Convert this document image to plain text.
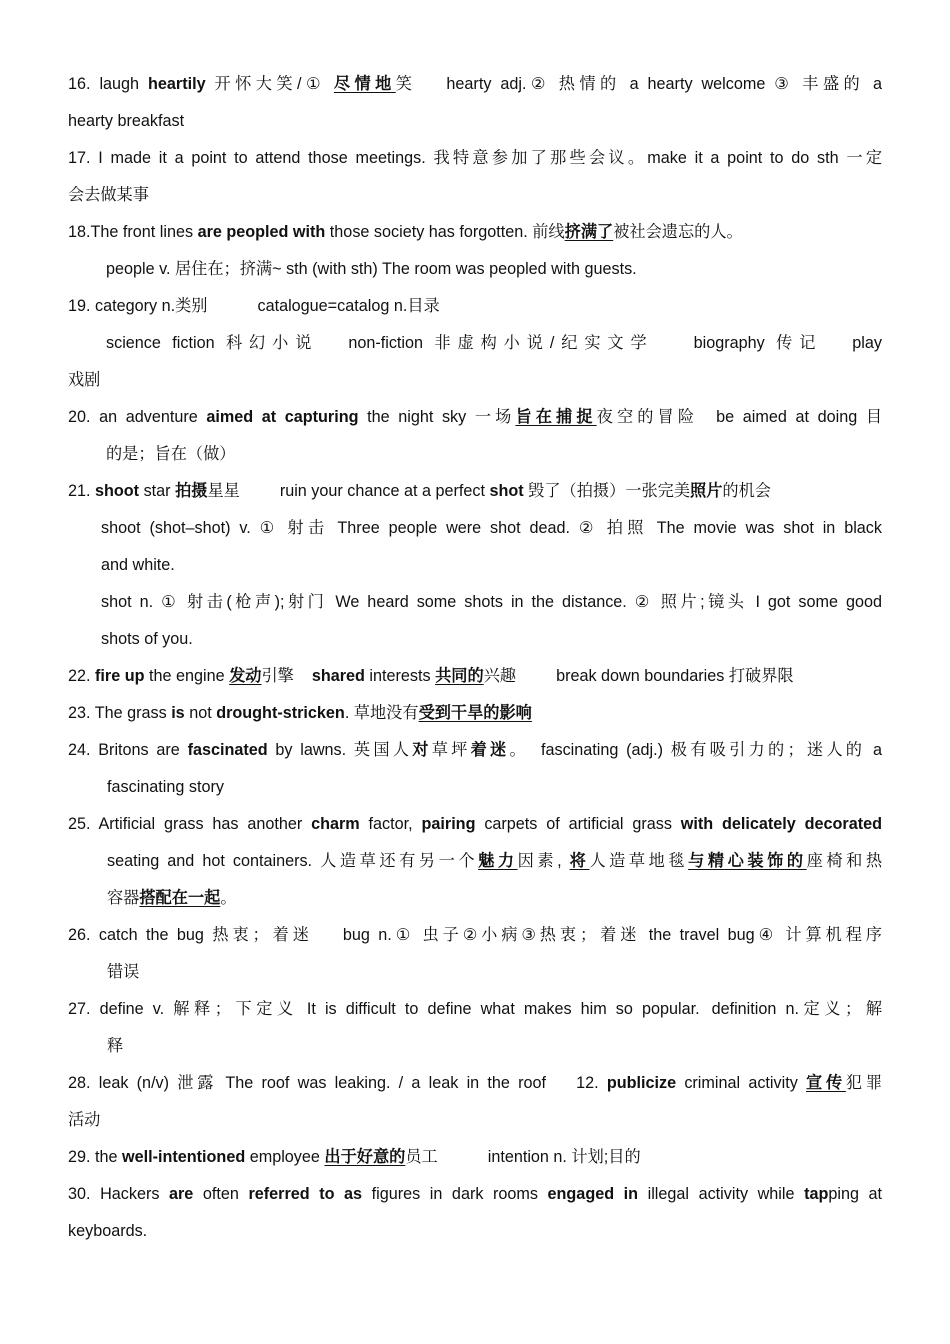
16. laugh heartily 开怀大笑/① 尽情地笑 hearty adj.② 热情的 a hearty welcome ③ 丰盛的 a
hearty breakfast
17. I made it a point to attend those meetings. 我特意参加了那些会议。make it a point to do sth 一定
会去做某事
18.The front lines are peopled with those society has forgotten. 前线挤满了被社会遗忘的人。
people v. 居住在；挤满~ sth (with sth) The room was peopled with guests.
19. category n.类别	catalogue=catalog n.目录
science fiction 科幻小说 non-fiction 非虚构小说/纪实文学 biography 传记 play
戏剧
20. an adventure aimed at capturing the night sky 一场旨在捕捉夜空的冒险 be aimed at doing 目
的是；旨在（做）
21. shoot star 拍摄星星 ruin your chance at a perfect shot 毁了（拍摄）一张完美照片的机会
shoot (shot–shot) v. ① 射击 Three people were shot dead. ② 拍照 The movie was shot in black
and white.
shot n. ① 射击(枪声);射门 We heard some shots in the distance. ② 照片;镜头 I got some good
shots of you.
22. fire up the engine 发动引擎 shared interests 共同的兴趣 break down boundaries 打破界限
23. The grass is not drought-stricken. 草地没有受到干旱的影响
24. Britons are fascinated by lawns. 英国人对草坪着迷。 fascinating (adj.) 极有吸引力的；迷人的 a
fascinating story
25. Artificial grass has another charm factor, pairing carpets of artificial grass with delicately decorated
seating and hot containers. 人造草还有另一个魅力因素, 将人造草地毯与精心装饰的座椅和热
容器搭配在一起。
26. catch the bug 热衷；着迷 bug n.① 虫子②小病③热衷；着迷 the travel bug④ 计算机程序
错误
27. define v. 解释；下定义 It is difficult to define what makes him so popular. definition n.定义；解
释
28. leak (n/v) 泄露 The roof was leaking. / a leak in the roof 12. publicize criminal activity 宣传犯罪
活动
29. the well-intentioned employee 出于好意的员工	intention n. 计划;目的
30. Hackers are often referred to as figures in dark rooms engaged in illegal activity while tapping at
keyboards.
